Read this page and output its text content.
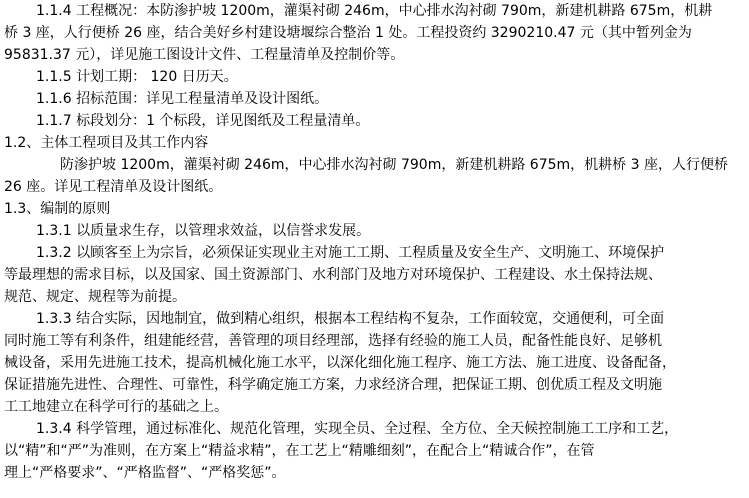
1.1.4 工程概况：本防渗护坡 1200m，灌渠衬砌 246m，中心排水沟衬砌 790m，新建机耕路 675m，机耕
桥 3 座，人行便桥 26 座，结合美好乡村建设塘堰综合整治 1 处。工程投资约 3290210.47 元（其中暂列金为
95831.37 元），详见施工图设计文件、工程量清单及控制价等。
1.1.5 计划工期： 120 日历天。
1.1.6 招标范围：详见工程量清单及设计图纸。
1.1.7 标段划分：1 个标段，详见图纸及工程量清单。
1.2、主体工程项目及其工作内容
防渗护坡 1200m，灌渠衬砌 246m，中心排水沟衬砌 790m，新建机耕路 675m，机耕桥 3 座，人行便桥
26 座。详见工程清单及设计图纸。
1.3、编制的原则
1.3.1 以质量求生存，以管理求效益，以信誉求发展。
1.3.2 以顾客至上为宗旨，必须保证实现业主对施工工期、工程质量及安全生产、文明施工、环境保护
等最理想的需求目标，以及国家、国土资源部门、水利部门及地方对环境保护、工程建设、水土保持法规、
规范、规定、规程等为前提。
1.3.3 结合实际，因地制宜，做到精心组织，根据本工程结构不复杂，工作面较宽，交通便利，可全面
同时施工等有利条件，组建能经营，善管理的项目经理部，选择有经验的施工人员，配备性能良好、足够机
械设备，采用先进施工技术，提高机械化施工水平，以深化细化施工程序、施工方法、施工进度、设备配备，
保证措施先进性、合理性、可靠性，科学确定施工方案，力求经济合理，把保证工期、创优质工程及文明施
工工地建立在科学可行的基础之上。
1.3.4 科学管理，通过标准化、规范化管理，实现全员、全过程、全方位、全天候控制施工工序和工艺，
以“精”和“严”为准则，在方案上“精益求精”，在工艺上“精雕细刻”，在配合上“精诚合作”，在管
理上“严格要求”、“严格监督”、“严格奖惩”。
